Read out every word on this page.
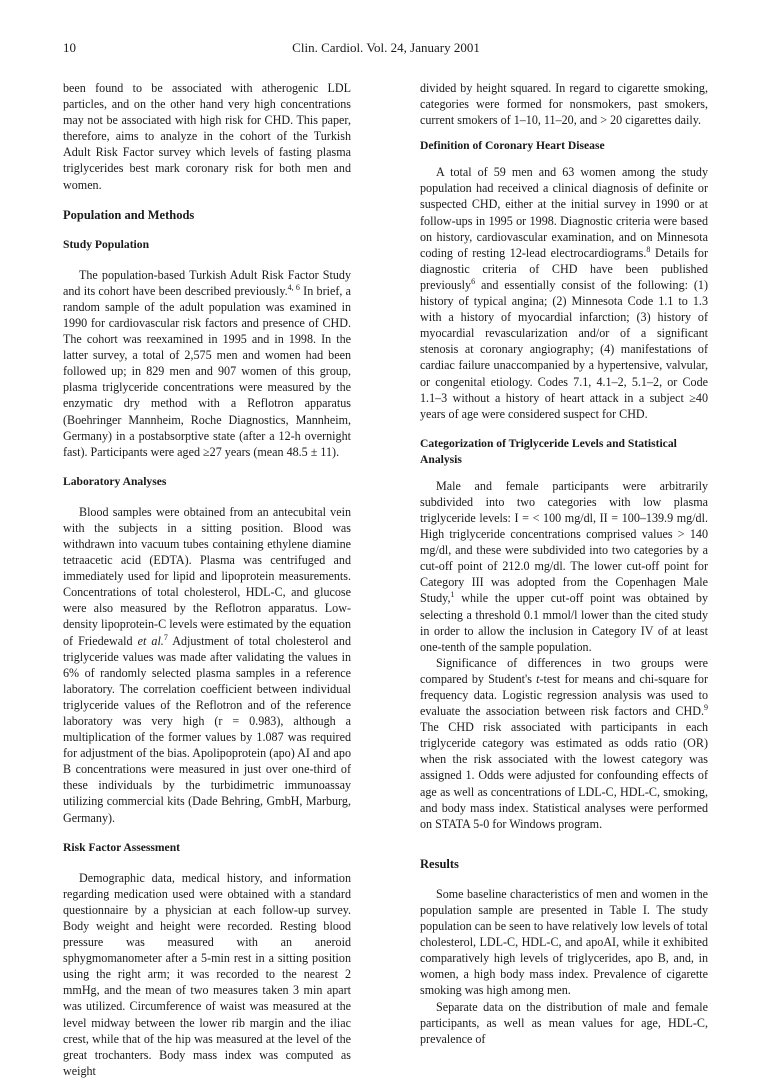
10	Clin. Cardiol. Vol. 24, January 2001

been found to be associated with atherogenic LDL particles, and on the other hand very high concentrations may not be associated with high risk for CHD. This paper, therefore, aims to analyze in the cohort of the Turkish Adult Risk Factor survey which levels of fasting plasma triglycerides best mark coronary risk for both men and women.

Population and Methods
Study Population

The population-based Turkish Adult Risk Factor Study and its cohort have been described previously.$^{4, 6}$ In brief, a random sample of the adult population was examined in 1990 for cardiovascular risk factors and presence of CHD. The cohort was reexamined in 1995 and in 1998. In the latter survey, a total of 2,575 men and women had been followed up; in 829 men and 907 women of this group, plasma triglyceride concentrations were measured by the enzymatic dry method with a Reflotron apparatus (Boehringer Mannheim, Roche Diagnostics, Mannheim, Germany) in a postabsorptive state (after a 12-h overnight fast). Participants were aged ≥27 years (mean 48.5 ± 11).

Laboratory Analyses

Blood samples were obtained from an antecubital vein with the subjects in a sitting position. Blood was withdrawn into vacuum tubes containing ethylene diamine tetraacetic acid (EDTA). Plasma was centrifuged and immediately used for lipid and lipoprotein measurements. Concentrations of total cholesterol, HDL-C, and glucose were also measured by the Reflotron apparatus. Low-density lipoprotein-C levels were estimated by the equation of Friedewald et al.$^7$ Adjustment of total cholesterol and triglyceride values was made after validating the values in 6% of randomly selected plasma samples in a reference laboratory. The correlation coefficient between individual triglyceride values of the Reflotron and of the reference laboratory was very high (r = 0.983), although a multiplication of the former values by 1.087 was required for adjustment of the bias. Apolipoprotein (apo) AI and apo B concentrations were measured in just over one-third of these individuals by the turbidimetric immunoassay utilizing commercial kits (Dade Behring, GmbH, Marburg, Germany).

Risk Factor Assessment

Demographic data, medical history, and information regarding medication used were obtained with a standard questionnaire by a physician at each follow-up survey. Body weight and height were recorded. Resting blood pressure was measured with an aneroid sphygmomanometer after a 5-min rest in a sitting position using the right arm; it was recorded to the nearest 2 mmHg, and the mean of two measures taken 3 min apart was utilized. Circumference of waist was measured at the level midway between the lower rib margin and the iliac crest, while that of the hip was measured at the level of the great trochanters. Body mass index was computed as weight

divided by height squared. In regard to cigarette smoking, categories were formed for nonsmokers, past smokers, current smokers of 1–10, 11–20, and > 20 cigarettes daily.

Definition of Coronary Heart Disease

A total of 59 men and 63 women among the study population had received a clinical diagnosis of definite or suspected CHD, either at the initial survey in 1990 or at follow-ups in 1995 or 1998. Diagnostic criteria were based on history, cardiovascular examination, and on Minnesota coding of resting 12-lead electrocardiograms.$^8$ Details for diagnostic criteria of CHD have been published previously$^6$ and essentially consist of the following: (1) history of typical angina; (2) Minnesota Code 1.1 to 1.3 with a history of myocardial infarction; (3) history of myocardial revascularization and/or of a significant stenosis at coronary angiography; (4) manifestations of cardiac failure unaccompanied by a hypertensive, valvular, or congenital etiology. Codes 7.1, 4.1–2, 5.1–2, or Code 1.1–3 without a history of heart attack in a subject ≥40 years of age were considered suspect for CHD.

Categorization of Triglyceride Levels and Statistical Analysis

Male and female participants were arbitrarily subdivided into two categories with low plasma triglyceride levels: I = < 100 mg/dl, II = 100–139.9 mg/dl. High triglyceride concentrations comprised values > 140 mg/dl, and these were subdivided into two categories by a cut-off point of 212.0 mg/dl. The lower cut-off point for Category III was adopted from the Copenhagen Male Study,$^1$ while the upper cut-off point was obtained by selecting a threshold 0.1 mmol/l lower than the cited study in order to allow the inclusion in Category IV of at least one-tenth of the sample population.

Significance of differences in two groups were compared by Student's t-test for means and chi-square for frequency data. Logistic regression analysis was used to evaluate the association between risk factors and CHD.$^9$ The CHD risk associated with participants in each triglyceride category was estimated as odds ratio (OR) when the risk associated with the lowest category was assigned 1. Odds were adjusted for confounding effects of age as well as concentrations of LDL-C, HDL-C, smoking, and body mass index. Statistical analyses were performed on STATA 5-0 for Windows program.

Results

Some baseline characteristics of men and women in the population sample are presented in Table I. The study population can be seen to have relatively low levels of total cholesterol, LDL-C, HDL-C, and apoAI, while it exhibited comparatively high levels of triglycerides, apo B, and, in women, a high body mass index. Prevalence of cigarette smoking was high among men.

Separate data on the distribution of male and female participants, as well as mean values for age, HDL-C, prevalence of
